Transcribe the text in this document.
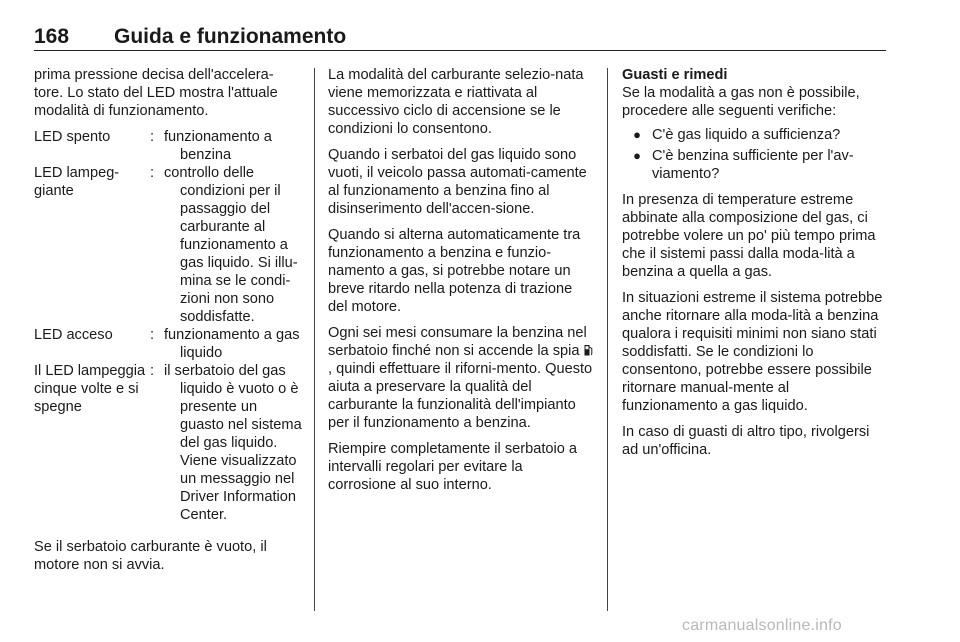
168	Guida e funzionamento

prima pressione decisa dell'accelera-tore. Lo stato del LED mostra l'attuale modalità di funzionamento.

LED spento	: funzionamento a benzina
LED lampeg-giante
: controllo delle condizioni per il passaggio del carburante al funzionamento a gas liquido. Si illu-mina se le condi-zioni non sono soddisfatte.
LED acceso	: funzionamento a gas liquido
Il LED lampeggia cinque volte e si spegne
: il serbatoio del gas liquido è vuoto o è presente un guasto nel sistema del gas liquido. Viene visualizzato un messaggio nel Driver Information Center.

Se il serbatoio carburante è vuoto, il motore non si avvia.

La modalità del carburante selezio-nata viene memorizzata e riattivata al successivo ciclo di accensione se le condizioni lo consentono.

Quando i serbatoi del gas liquido sono vuoti, il veicolo passa automati-camente al funzionamento a benzina fino al disinserimento dell'accen-sione.

Quando si alterna automaticamente tra funzionamento a benzina e funzio-namento a gas, si potrebbe notare un breve ritardo nella potenza di trazione del motore.

Ogni sei mesi consumare la benzina nel serbatoio finché non si accende la spia , quindi effettuare il riforni-mento. Questo aiuta a preservare la qualità del carburante la funzionalità dell'impianto per il funzionamento a benzina.

Riempire completamente il serbatoio a intervalli regolari per evitare la corrosione al suo interno.

Guasti e rimedi

Se la modalità a gas non è possibile, procedere alle seguenti verifiche:

● C'è gas liquido a sufficienza?
● C'è benzina sufficiente per l'av-viamento?

In presenza di temperature estreme abbinate alla composizione del gas, ci potrebbe volere un po' più tempo prima che il sistemi passi dalla moda-lità a benzina a quella a gas.

In situazioni estreme il sistema potrebbe anche ritornare alla moda-lità a benzina qualora i requisiti minimi non siano stati soddisfatti. Se le condizioni lo consentono, potrebbe essere possibile ritornare manual-mente al funzionamento a gas liquido.

In caso di guasti di altro tipo, rivolgersi ad un'officina.

carmanualsonline.info
